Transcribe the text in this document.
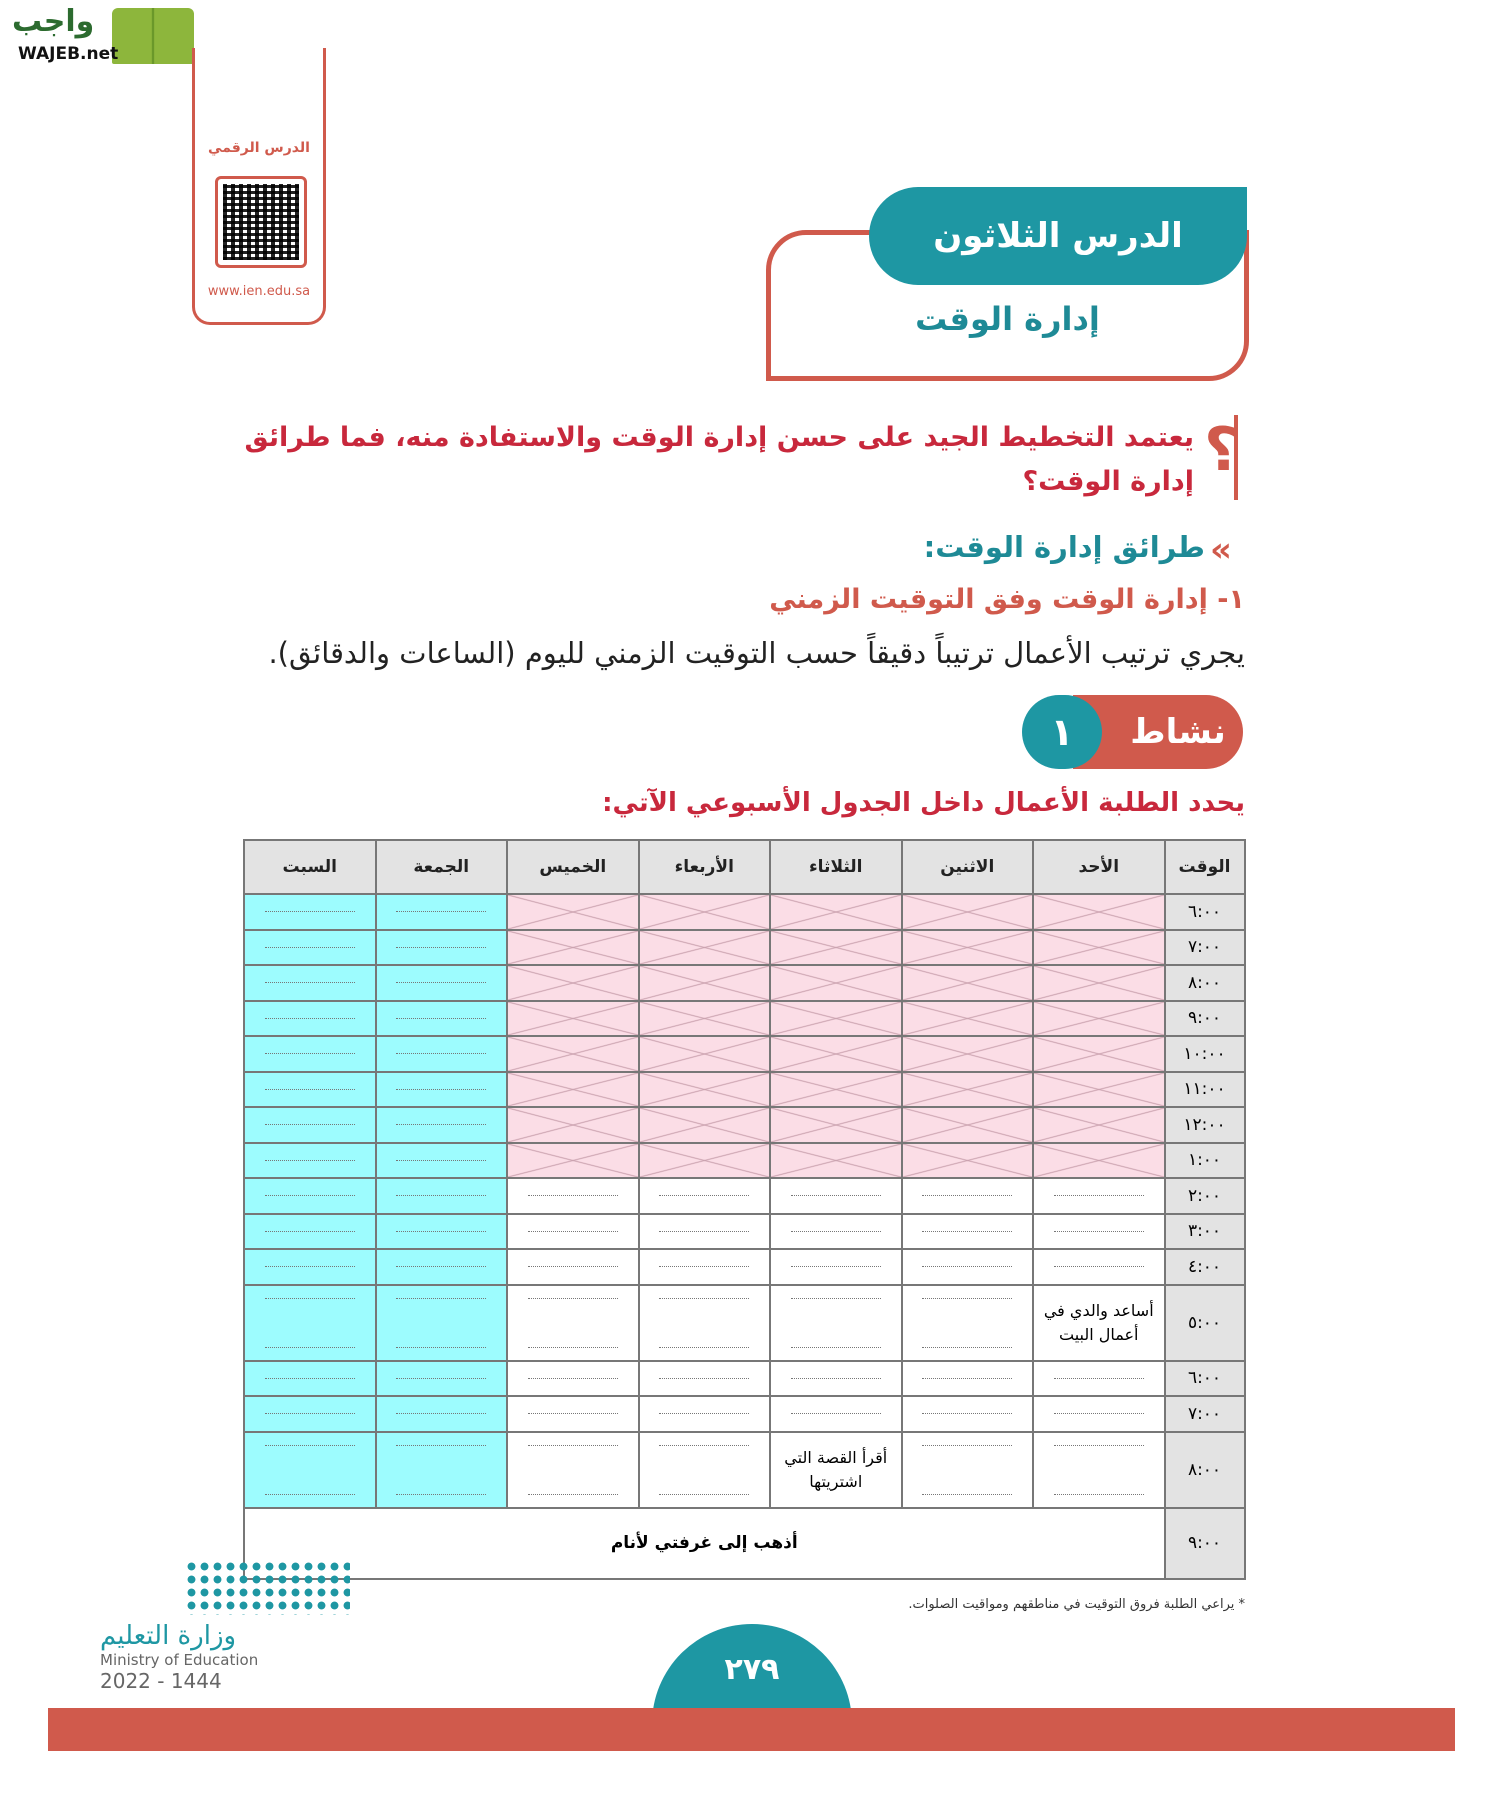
واجب
WAJEB.net
الدرس الرقمي
www.ien.edu.sa
الدرس الثلاثون
إدارة الوقت
؟
يعتمد التخطيط الجيد على حسن إدارة الوقت والاستفادة منه، فما طرائق إدارة الوقت؟
«
طرائق إدارة الوقت:
١- إدارة الوقت وفق التوقيت الزمني
يجري ترتيب الأعمال ترتيباً دقيقاً حسب التوقيت الزمني لليوم (الساعات والدقائق).
نشاط
١
يحدد الطلبة الأعمال داخل الجدول الأسبوعي الآتي:
الوقت	الأحد	الاثنين	الثلاثاء	الأربعاء	الخميس	الجمعة	السبت
٦:٠٠						

٧:٠٠						

٨:٠٠						

٩:٠٠						

١٠:٠٠						

١١:٠٠						

١٢:٠٠						

١:٠٠						

٢:٠٠	

٣:٠٠	

٤:٠٠	

٥:٠٠	أساعد والدي في أعمال البيت	

٦:٠٠	

٧:٠٠	

٨:٠٠			أقرأ القصة التي اشتريتها	

٩:٠٠	أذهب إلى غرفتي لأنام						
* يراعي الطلبة فروق التوقيت في مناطقهم ومواقيت الصلوات.
وزارة التعليم
Ministry of Education
2022 - 1444	٢٧٩
